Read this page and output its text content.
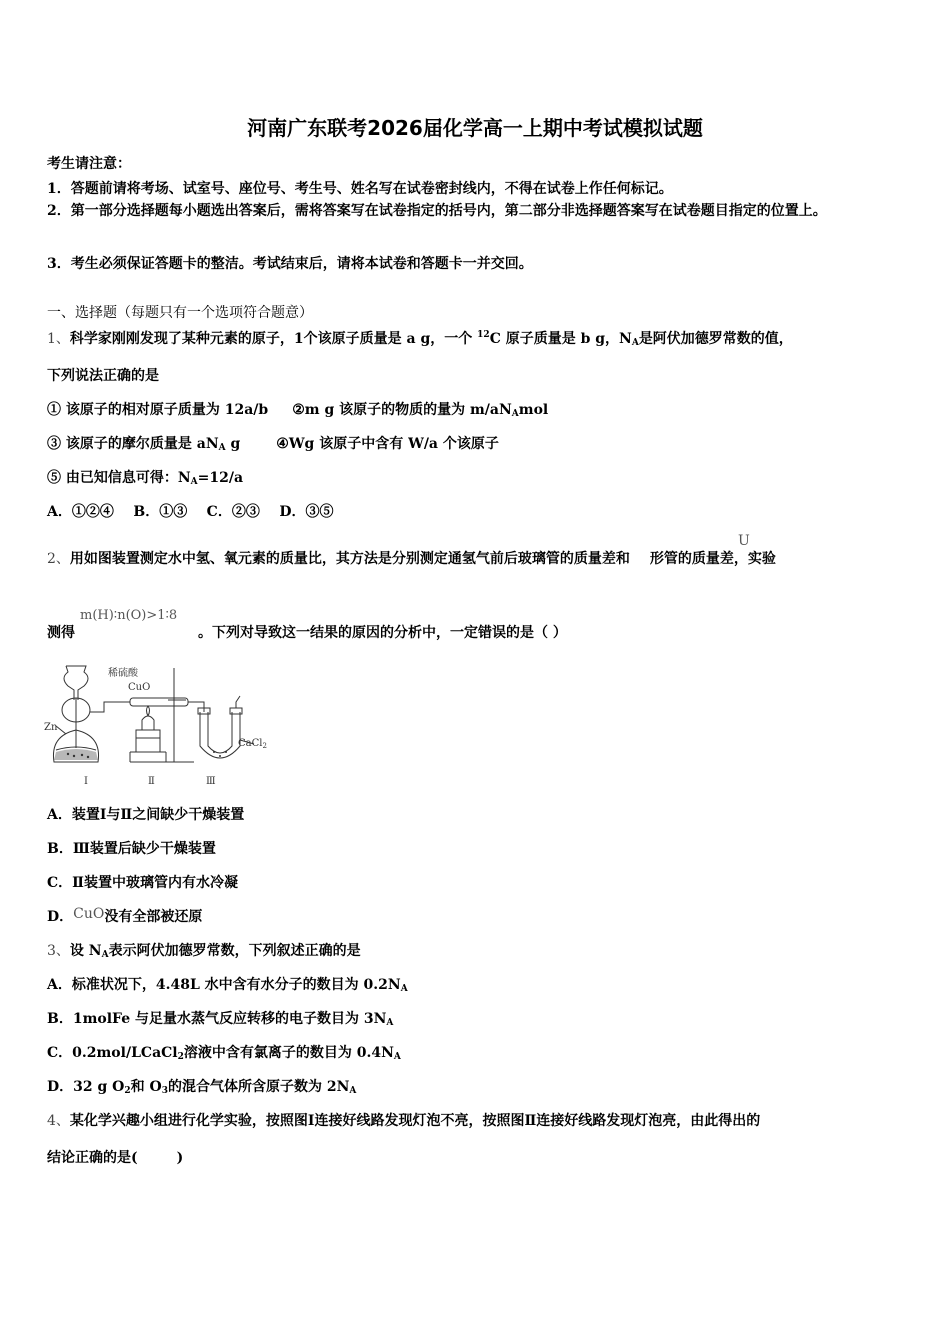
河南广东联考2026届化学高一上期中考试模拟试题
考生请注意：
1．答题前请将考场、试室号、座位号、考生号、姓名写在试卷密封线内，不得在试卷上作任何标记。
2．第一部分选择题每小题选出答案后，需将答案写在试卷指定的括号内，第二部分非选择题答案写在试卷题目指定的位置上。
3．考生必须保证答题卡的整洁。考试结束后，请将本试卷和答题卡一并交回。
一、选择题（每题只有一个选项符合题意）
1、科学家刚刚发现了某种元素的原子，1个该原子质量是 a g，一个 $^{12}$C 原子质量是 b g，$N_A$是阿伏加德罗常数的值，
下列说法正确的是
① 该原子的相对原子质量为 12a/b ②m g 该原子的物质的量为 $m/aN_Amol$
③ 该原子的摩尔质量是 $aN_A$ g	④Wg 该原子中含有 W/a 个该原子
⑤ 由已知信息可得：$N_A=12/a$
A．①②④    B．①③    C．②③    D．③⑤
U
2、用如图装置测定水中氢、氧元素的质量比，其方法是分别测定通氢气前后玻璃管的质量差和 形管的质量差，实验
m(H)∶n(O)>1∶8
测得	。下列对导致这一结果的原因的分析中，一定错误的是（ ）
稀硫酸
CuO
Zn
CaCl$_2$
Ⅰ	Ⅱ	Ⅲ
A．装置Ⅰ与Ⅱ之间缺少干燥装置
B．Ⅲ装置后缺少干燥装置
C．Ⅱ装置中玻璃管内有水冷凝
D．CuO没有全部被还原
3、设 $N_A$表示阿伏加德罗常数，下列叙述正确的是
A．标准状况下，4.48L 水中含有水分子的数目为 $0.2N_A$
B．1molFe 与足量水蒸气反应转移的电子数目为 $3N_A$
C．0.2mol/LCaCl$_2$溶液中含有氯离子的数目为 $0.4N_A$
D．32 g $O_2$和 $O_3$的混合气体所含原子数为 $2N_A$
4、某化学兴趣小组进行化学实验，按照图Ⅰ连接好线路发现灯泡不亮，按照图Ⅱ连接好线路发现灯泡亮，由此得出的
结论正确的是(        )
